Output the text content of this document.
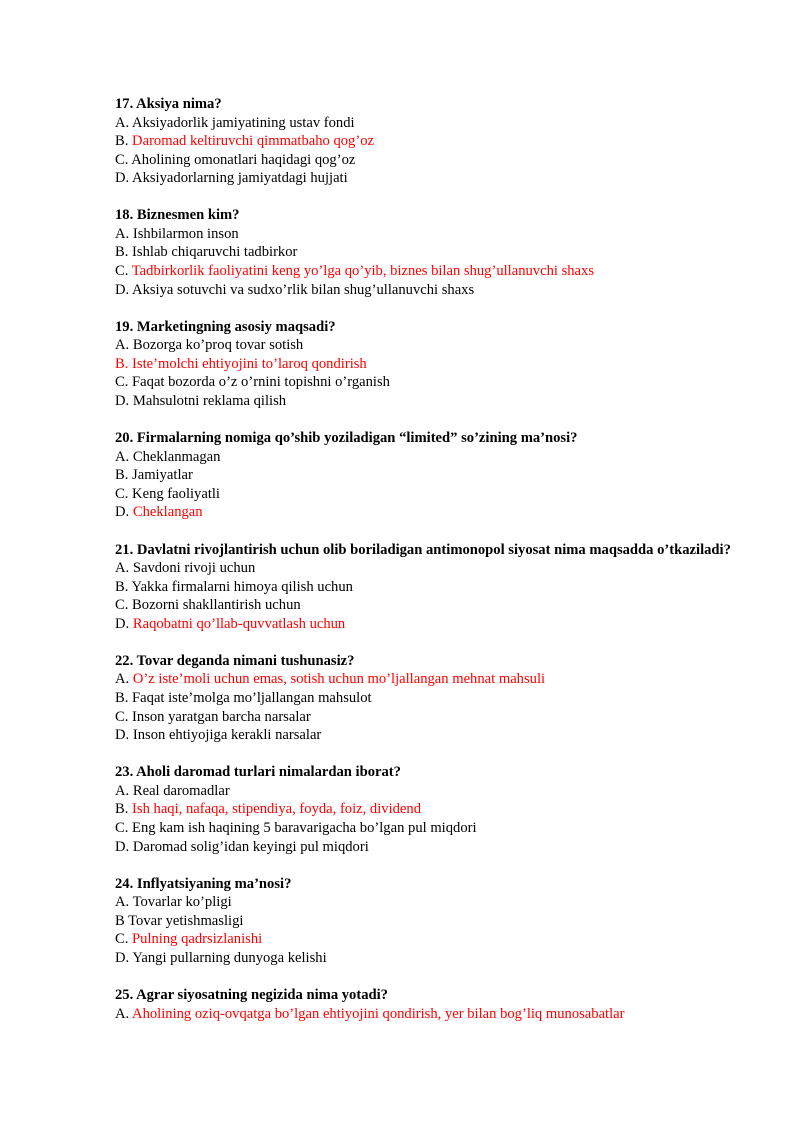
17. Aksiya nima?
A. Aksiyadorlik jamiyatining ustav fondi
B. Daromad keltiruvchi qimmatbaho qog’oz
C. Aholining omonatlari haqidagi qog’oz
D. Aksiyadorlarning jamiyatdagi hujjati
18. Biznesmen kim?
A. Ishbilarmon inson
B. Ishlab chiqaruvchi tadbirkor
C. Tadbirkorlik faoliyatini keng yo’lga qo’yib, biznes bilan shug’ullanuvchi shaxs
D. Aksiya sotuvchi va sudxo’rlik bilan shug’ullanuvchi shaxs
19. Marketingning asosiy maqsadi?
A. Bozorga ko’proq tovar sotish
B. Iste’molchi ehtiyojini to’laroq qondirish
C. Faqat bozorda o’z o’rnini topishni o’rganish
D. Mahsulotni reklama qilish
20. Firmalarning nomiga qo’shib yoziladigan “limited” so’zining ma’nosi?
A. Cheklanmagan
B. Jamiyatlar
C. Keng faoliyatli
D. Cheklangan
21. Davlatni rivojlantirish uchun olib boriladigan antimonopol siyosat nima maqsadda o’tkaziladi?
A. Savdoni rivoji uchun
B. Yakka firmalarni himoya qilish uchun
C. Bozorni shakllantirish uchun
D. Raqobatni qo’llab-quvvatlash uchun
22. Tovar deganda nimani tushunasiz?
A. O’z iste’moli uchun emas, sotish uchun mo’ljallangan mehnat mahsuli
B. Faqat iste’molga mo’ljallangan mahsulot
C. Inson yaratgan barcha narsalar
D. Inson ehtiyojiga kerakli narsalar
23. Aholi daromad turlari nimalardan iborat?
A. Real daromadlar
B. Ish haqi, nafaqa, stipendiya, foyda, foiz, dividend
C. Eng kam ish haqining 5 baravarigacha bo’lgan pul miqdori
D. Daromad solig’idan keyingi pul miqdori
24. Inflyatsiyaning ma’nosi?
A. Tovarlar ko’pligi
B Tovar yetishmasligi
C. Pulning qadrsizlanishi
D. Yangi pullarning dunyoga kelishi
25. Agrar siyosatning negizida nima yotadi?
A. Aholining oziq-ovqatga bo’lgan ehtiyojini qondirish, yer bilan bog’liq munosabatlar
